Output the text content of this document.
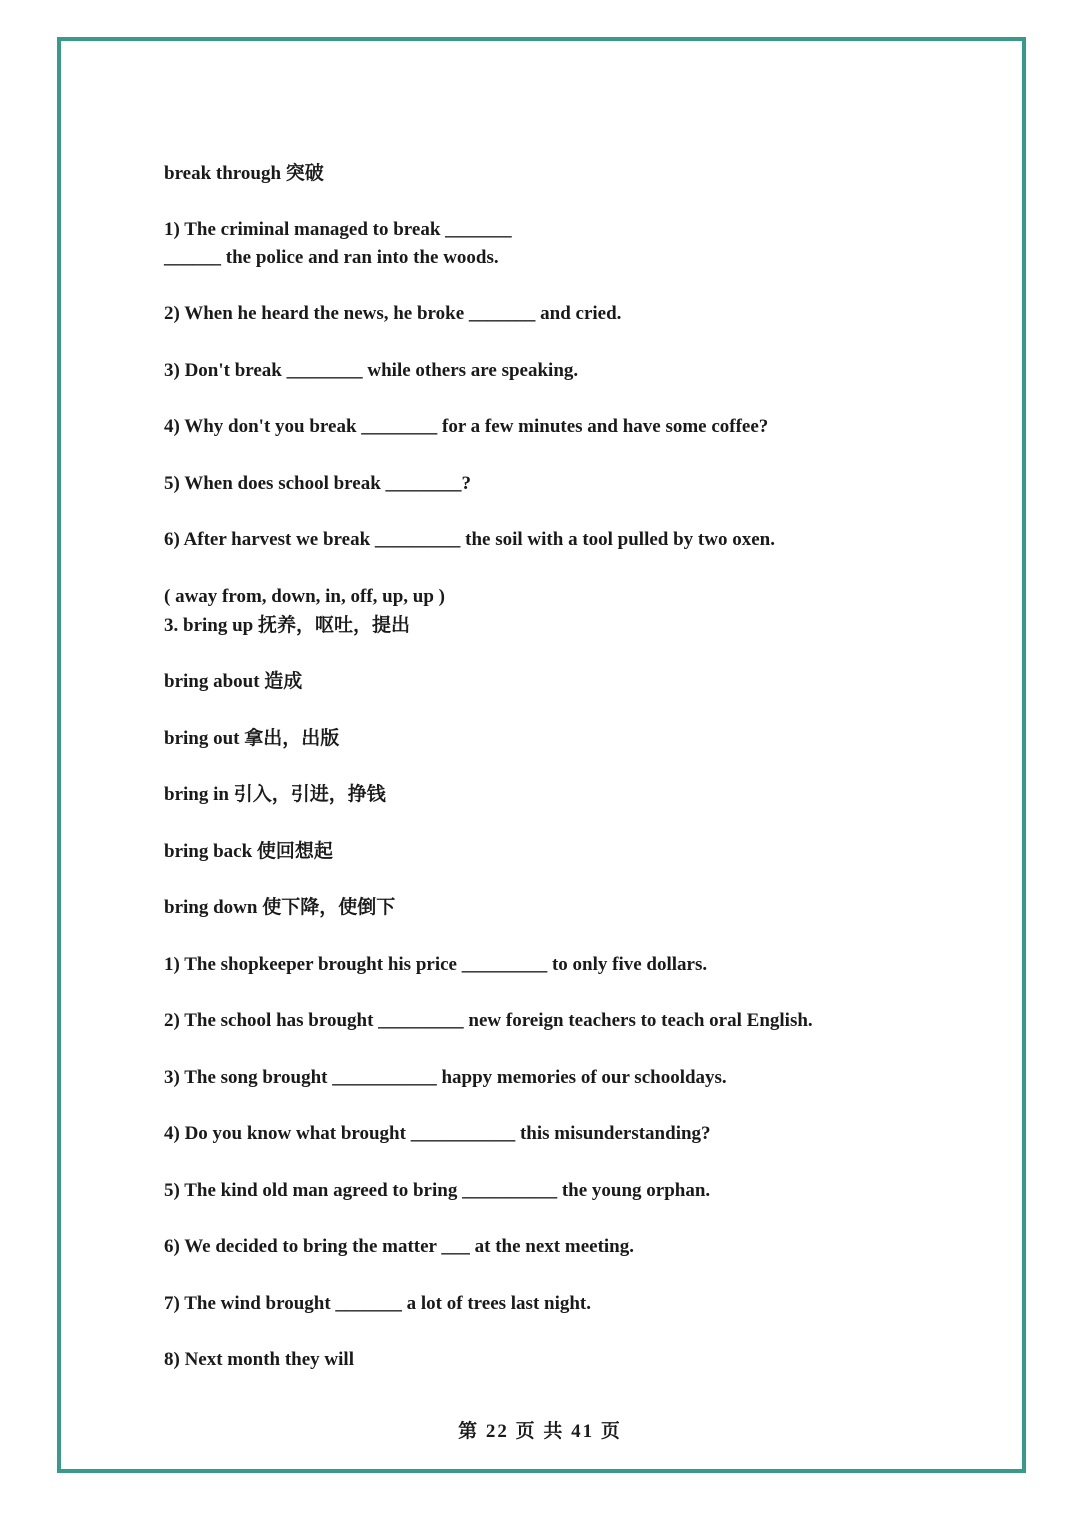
break through 突破
1) The criminal managed to break _______
______ the police and ran into the woods.
2) When he heard the news, he broke _______ and cried.
3) Don't break ________ while others are speaking.
4) Why don't you break ________ for a few minutes and have some coffee?
5) When does school break ________?
6) After harvest we break _________ the soil with a tool pulled by two oxen.
( away from, down, in, off, up, up )
3. bring up 抚养，呕吐，提出
bring about 造成
bring out 拿出，出版
bring in 引入，引进，挣钱
bring back 使回想起
bring down 使下降，使倒下
1) The shopkeeper brought his price _________ to only five dollars.
2) The school has brought _________ new foreign teachers to teach oral English.
3) The song brought ___________ happy memories of our schooldays.
4) Do you know what brought ___________ this misunderstanding?
5) The kind old man agreed to bring __________ the young orphan.
6) We decided to bring the matter ___ at the next meeting.
7) The wind brought _______ a lot of trees last night.
8) Next month they will
第 22 页 共 41 页
